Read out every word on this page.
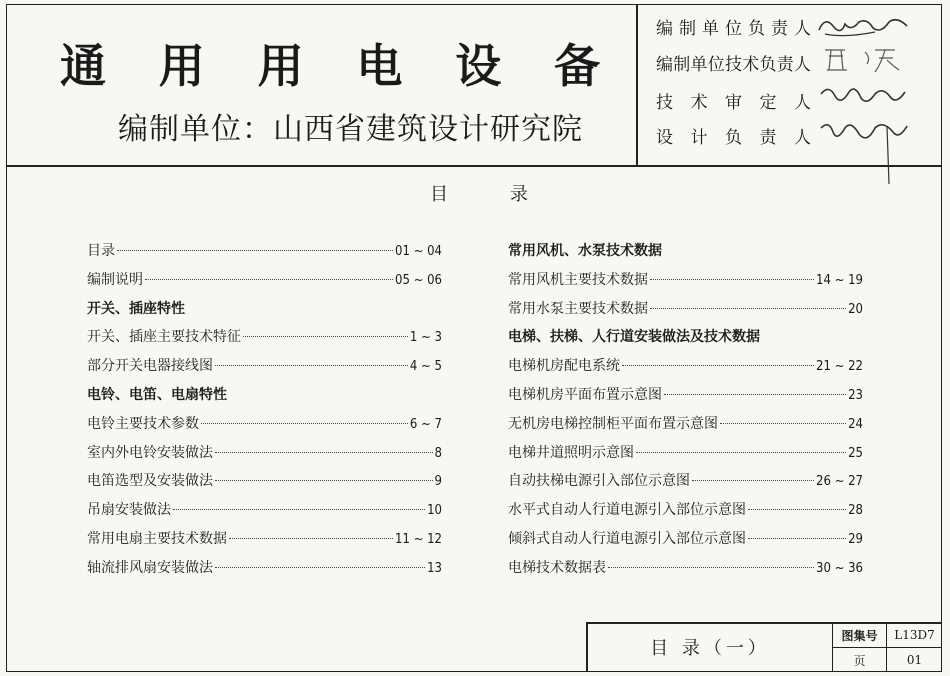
通 用 用 电 设 备
编制单位：山西省建筑设计研究院
编 制 单 位 负 责 人
编 制 单 位 技 术 负 责 人
技 术 审 定 人
设 计 负 责 人
目	录
目录	01 ~ 04
编制说明	05 ~ 06
开关、插座特性
开关、插座主要技术特征	1 ~ 3
部分开关电器接线图	4 ~ 5
电铃、电笛、电扇特性
电铃主要技术参数	6 ~ 7
室内外电铃安装做法	8
电笛选型及安装做法	9
吊扇安装做法	10
常用电扇主要技术数据	11 ~ 12
轴流排风扇安装做法	13
常用风机、水泵技术数据
常用风机主要技术数据	14 ~ 19
常用水泵主要技术数据	20
电梯、扶梯、人行道安装做法及技术数据
电梯机房配电系统	21 ~ 22
电梯机房平面布置示意图	23
无机房电梯控制柜平面布置示意图	24
电梯井道照明示意图	25
自动扶梯电源引入部位示意图	26 ~ 27
水平式自动人行道电源引入部位示意图	28
倾斜式自动人行道电源引入部位示意图	29
电梯技术数据表	30 ~ 36
目 录（一）
图集号	L13D7
页	01
